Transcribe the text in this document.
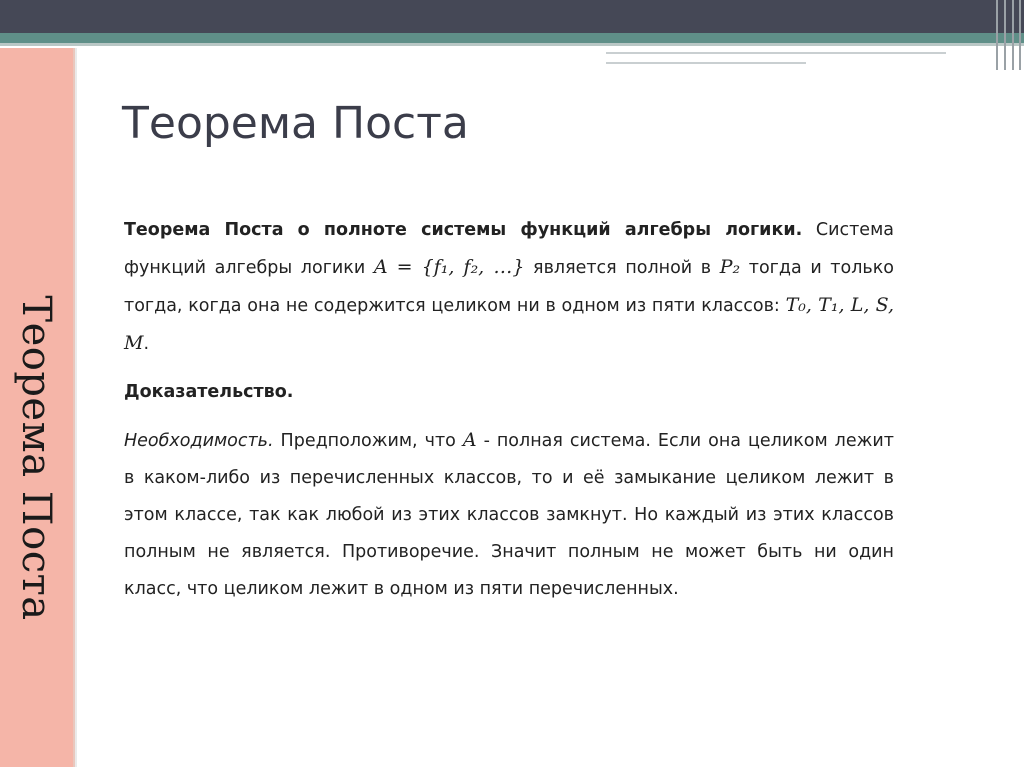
Теорема Поста
Теорема Поста

Теорема Поста о полноте системы функций алгебры логики. Система функций алгебры логики A = {f₁, f₂, …} является полной в P₂ тогда и только тогда, когда она не содержится целиком ни в одном из пяти классов: T₀, T₁, L, S, M.

Доказательство.

Необходимость. Предположим, что A - полная система. Если она целиком лежит в каком-либо из перечисленных классов, то и её замыкание целиком лежит в этом классе, так как любой из этих классов замкнут. Но каждый из этих классов полным не является. Противоречие. Значит полным не может быть ни один класс, что целиком лежит в одном из пяти перечисленных.
